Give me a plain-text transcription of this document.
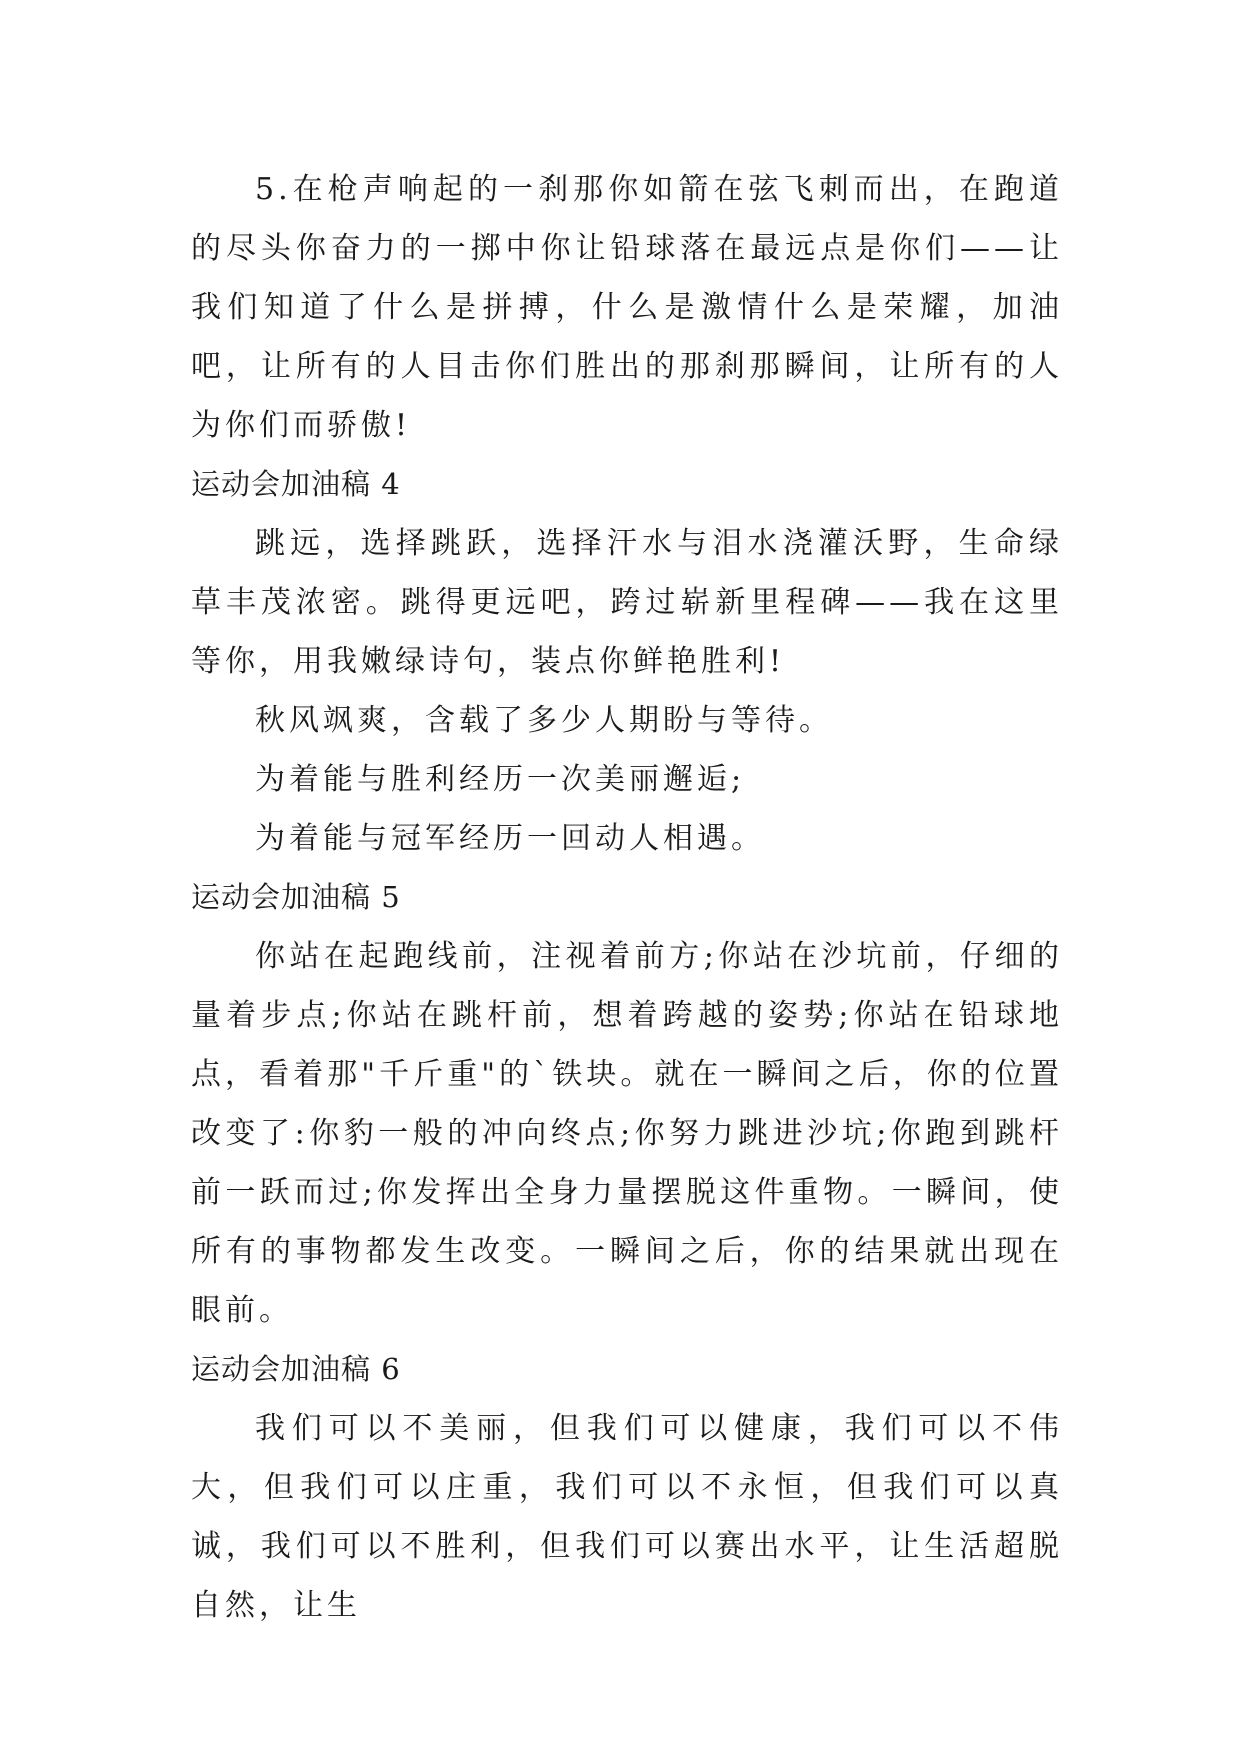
5.在枪声响起的一刹那你如箭在弦飞刺而出，在跑道的尽头你奋力的一掷中你让铅球落在最远点是你们——让我们知道了什么是拼搏，什么是激情什么是荣耀，加油吧，让所有的人目击你们胜出的那刹那瞬间，让所有的人为你们而骄傲!

运动会加油稿 4

跳远，选择跳跃，选择汗水与泪水浇灌沃野，生命绿草丰茂浓密。跳得更远吧，跨过崭新里程碑——我在这里等你，用我嫩绿诗句，装点你鲜艳胜利!

秋风飒爽，含载了多少人期盼与等待。

为着能与胜利经历一次美丽邂逅;

为着能与冠军经历一回动人相遇。

运动会加油稿 5

你站在起跑线前，注视着前方;你站在沙坑前，仔细的量着步点;你站在跳杆前，想着跨越的姿势;你站在铅球地点，看着那"千斤重"的`铁块。就在一瞬间之后，你的位置改变了:你豹一般的冲向终点;你努力跳进沙坑;你跑到跳杆前一跃而过;你发挥出全身力量摆脱这件重物。一瞬间，使所有的事物都发生改变。一瞬间之后，你的结果就出现在眼前。

运动会加油稿 6

我们可以不美丽，但我们可以健康，我们可以不伟大，但我们可以庄重，我们可以不永恒，但我们可以真诚，我们可以不胜利，但我们可以赛出水平，让生活超脱自然，让生
